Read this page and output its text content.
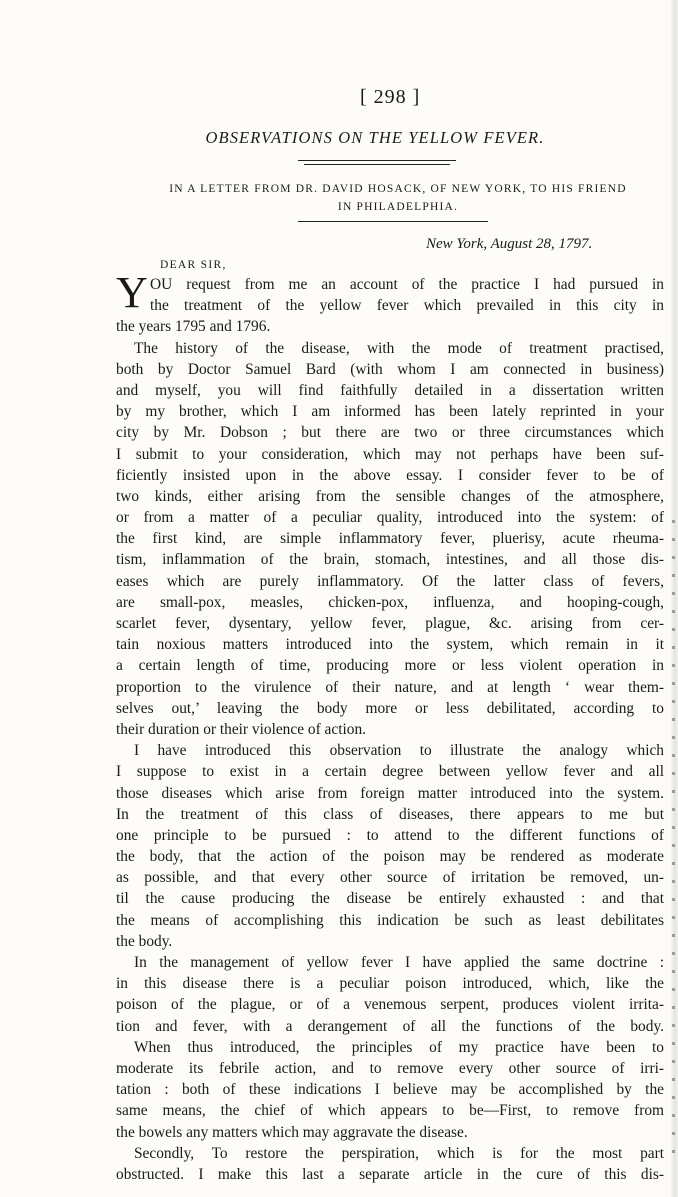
[ 298 ]
OBSERVATIONS ON THE YELLOW FEVER.
IN A LETTER FROM DR. DAVID HOSACK, OF NEW YORK, TO HIS FRIEND
IN PHILADELPHIA.
New York, August 28, 1797.
DEAR SIR,
Y OU request from me an account of the practice I had pursued in
the treatment of the yellow fever which prevailed in this city in
the years 1795 and 1796.
The history of the disease, with the mode of treatment practised,
both by Doctor Samuel Bard (with whom I am connected in business)
and myself, you will find faithfully detailed in a dissertation written
by my brother, which I am informed has been lately reprinted in your
city by Mr. Dobson ; but there are two or three circumstances which
I submit to your consideration, which may not perhaps have been suf-
ficiently insisted upon in the above essay. I consider fever to be of
two kinds, either arising from the sensible changes of the atmosphere,
or from a matter of a peculiar quality, introduced into the system: of
the first kind, are simple inflammatory fever, pluerisy, acute rheuma-
tism, inflammation of the brain, stomach, intestines, and all those dis-
eases which are purely inflammatory. Of the latter class of fevers,
are small-pox, measles, chicken-pox, influenza, and hooping-cough,
scarlet fever, dysentary, yellow fever, plague, &c. arising from cer-
tain noxious matters introduced into the system, which remain in it
a certain length of time, producing more or less violent operation in
proportion to the virulence of their nature, and at length ‘ wear them-
selves out,’ leaving the body more or less debilitated, according to
their duration or their violence of action.
I have introduced this observation to illustrate the analogy which
I suppose to exist in a certain degree between yellow fever and all
those diseases which arise from foreign matter introduced into the system.
In the treatment of this class of diseases, there appears to me but
one principle to be pursued : to attend to the different functions of
the body, that the action of the poison may be rendered as moderate
as possible, and that every other source of irritation be removed, un-
til the cause producing the disease be entirely exhausted : and that
the means of accomplishing this indication be such as least debilitates
the body.
In the management of yellow fever I have applied the same doctrine :
in this disease there is a peculiar poison introduced, which, like the
poison of the plague, or of a venemous serpent, produces violent irrita-
tion and fever, with a derangement of all the functions of the body.
When thus introduced, the principles of my practice have been to
moderate its febrile action, and to remove every other source of irri-
tation : both of these indications I believe may be accomplished by the
same means, the chief of which appears to be—First, to remove from
the bowels any matters which may aggravate the disease.
Secondly, To restore the perspiration, which is for the most part
obstructed. I make this last a separate article in the cure of this dis-
